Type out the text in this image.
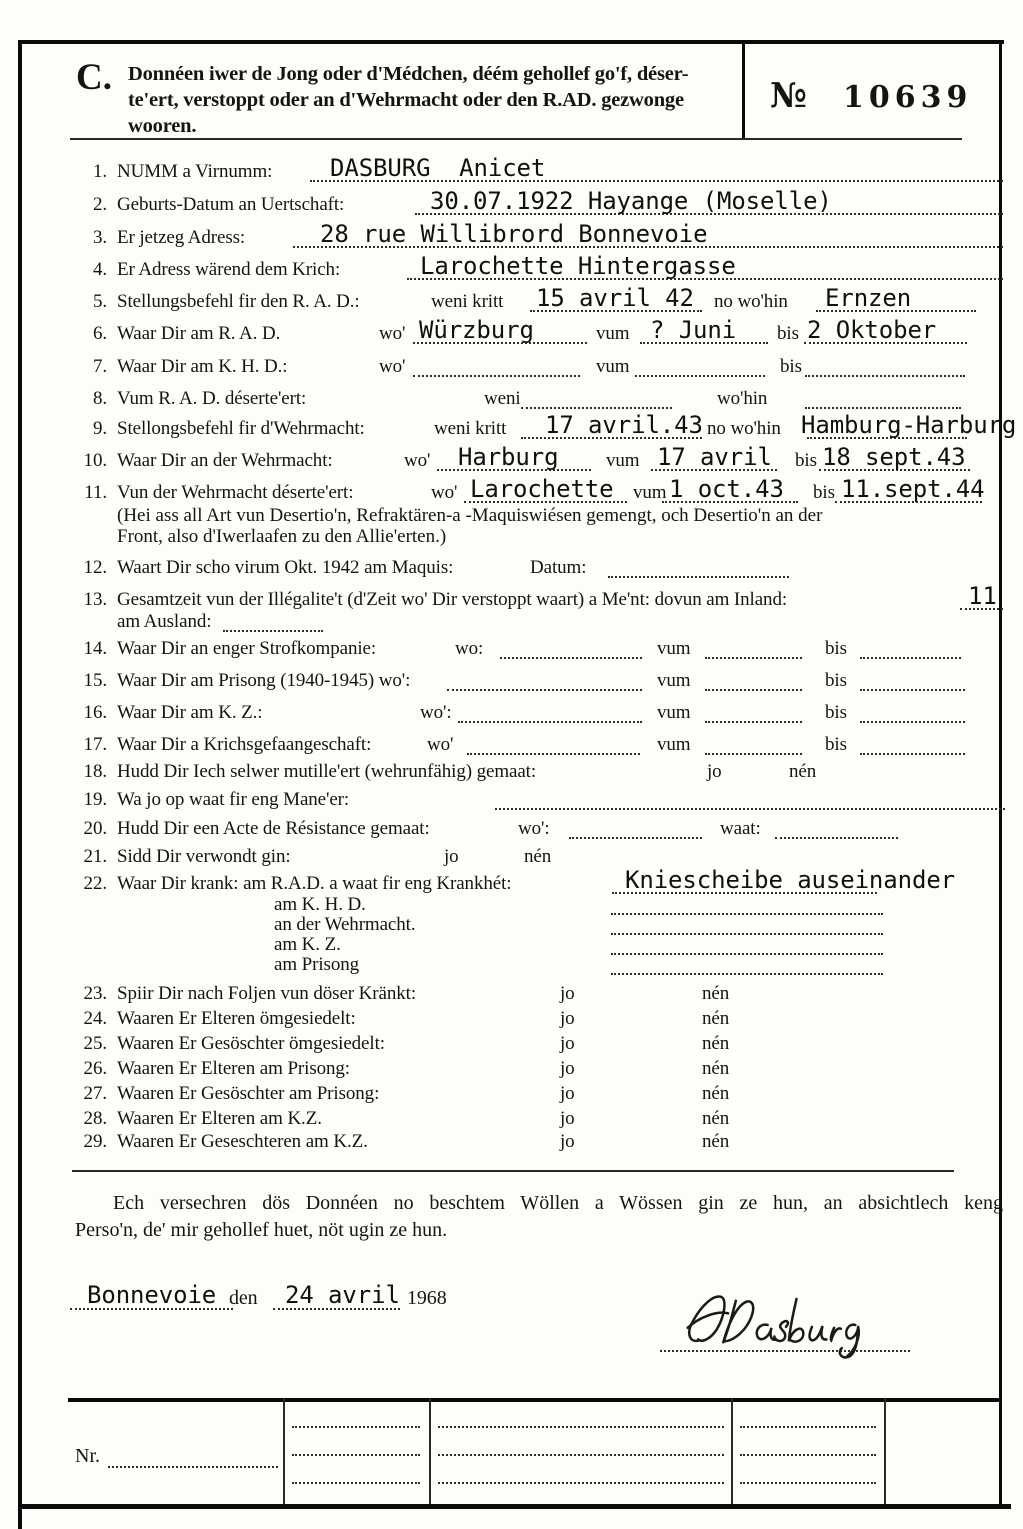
C. Donnéen iwer de Jong oder d'Médchen, déém gehollef go'f, déser-
te'ert, verstoppt oder an d'Wehrmacht oder den R.AD. gezwonge
wooren.
№ 10639
1. NUMM a Virnumm: DASBURG  Anicet
2. Geburts-Datum an Uertschaft:	30.07.1922 Hayange (Moselle)
3. Er jetzeg Adress:	28 rue Willibrord Bonnevoie
4. Er Adress wärend dem Krich:	Larochette Hintergasse
5. Stellungsbefehl fir den R. A. D.:	weni kritt 15 avril 42 no wo'hin Ernzen
6. Waar Dir am R. A. D.	wo' Würzburg	vum ? Juni bis 2 Oktober
7. Waar Dir am K. H. D.:	wo'	vum	bis
8. Vum R. A. D. déserte'ert:	weni	wo'hin
9. Stellongsbefehl fir d'Wehrmacht:	weni kritt 17 avril.43 no wo'hin Hamburg-Harburg
10. Waar Dir an der Wehrmacht:	wo' Harburg	vum 17 avril bis 18 sept.43
11. Vun der Wehrmacht déserte'ert:	wo' Larochette vum 1 oct.43 bis 11.sept.44
(Hei ass all Art vun Desertio'n, Refraktären-a -Maquiswiésen gemengt, och Desertio'n an der
Front, also d'Iwerlaafen zu den Allie'erten.)
12. Waart Dir scho virum Okt. 1942 am Maquis:	Datum:
13. Gesamtzeit vun der Illégalite't (d'Zeit wo' Dir verstoppt waart) a Me'nt: dovun am Inland:	11
am Ausland:
14. Waar Dir an enger Strofkompanie:	wo:	vum	bis
15. Waar Dir am Prisong (1940-1945) wo':	vum	bis
16. Waar Dir am K. Z.:	wo':	vum	bis
17. Waar Dir a Krichsgefaangeschaft:	wo'	vum	bis
18. Hudd Dir Iech selwer mutille'ert (wehrunfähig) gemaat:	jo	nén
19. Wa jo op waat fir eng Mane'er:
20. Hudd Dir een Acte de Résistance gemaat:	wo':	waat:
21. Sidd Dir verwondt gin:	jo	nén
22. Waar Dir krank: am R.A.D. a waat fir eng Krankhét:	Kniescheibe auseinander
am K. H. D.
an der Wehrmacht.
am K. Z.
am Prisong
23. Spiir Dir nach Foljen vun döser Kränkt:	jo	nén
24. Waaren Er Elteren ömgesiedelt:	jo	nén
25. Waaren Er Gesöschter ömgesiedelt:	jo	nén
26. Waaren Er Elteren am Prisong:	jo	nén
27. Waaren Er Gesöschter am Prisong:	jo	nén
28. Waaren Er Elteren am K.Z.	jo	nén
29. Waaren Er Geseschteren am K.Z.	jo	nén
Ech versechren dös Donnéen no beschtem Wöllen a Wössen gin ze hun, an absichtlech keng
Perso'n, de' mir gehollef huet, nöt ugin ze hun.
Bonnevoie den 24 avril 1968
Nr.
